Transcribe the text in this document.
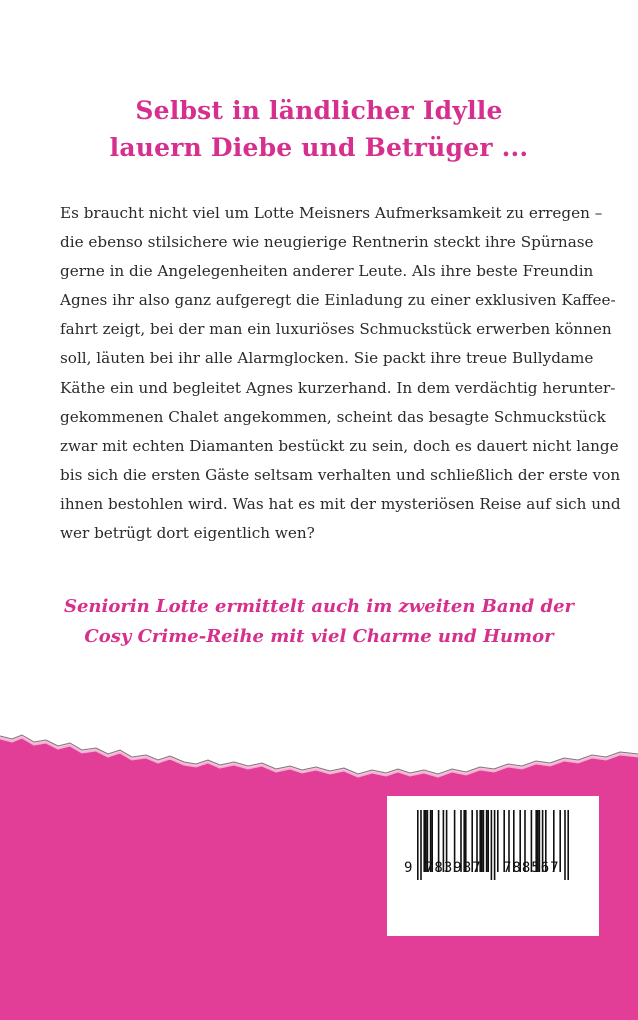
Selbst in ländlicher Idylle
lauern Diebe und Betrüger ...
Es braucht nicht viel um Lotte Meisners Aufmerksamkeit zu erregen –
die ebenso stilsichere wie neugierige Rentnerin steckt ihre Spürnase
gerne in die Angelegenheiten anderer Leute. Als ihre beste Freundin
Agnes ihr also ganz aufgeregt die Einladung zu einer exklusiven Kaffee-
fahrt zeigt, bei der man ein luxuriöses Schmuckstück erwerben können
soll, läuten bei ihr alle Alarmglocken. Sie packt ihre treue Bullydame
Käthe ein und begleitet Agnes kurzerhand. In dem verdächtig herunter-
gekommenen Chalet angekommen, scheint das besagte Schmuckstück
zwar mit echten Diamanten bestückt zu sein, doch es dauert nicht lange
bis sich die ersten Gäste seltsam verhalten und schließlich der erste von
ihnen bestohlen wird. Was hat es mit der mysteriösen Reise auf sich und
wer betrügt dort eigentlich wen?
Seniorin Lotte ermittelt auch im zweiten Band der
Cosy Crime-Reihe mit viel Charme und Humor
9 783987 788567
